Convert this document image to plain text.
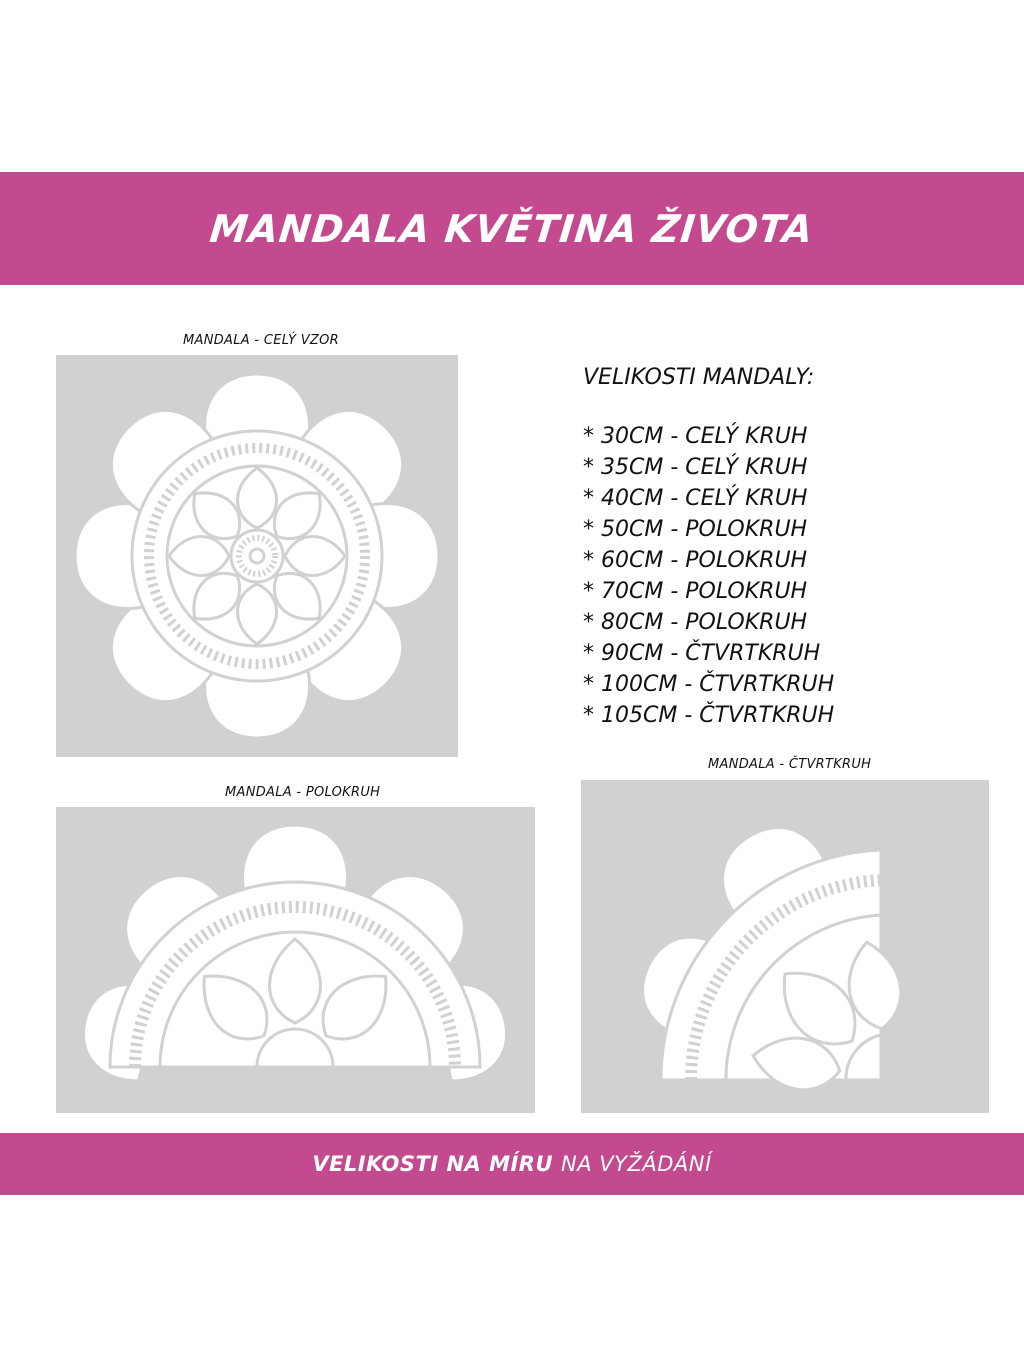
MANDALA KVĚTINA ŽIVOTA
MANDALA - CELÝ VZOR
VELIKOSTI MANDALY:
* 30CM - CELÝ KRUH
* 35CM - CELÝ KRUH
* 40CM - CELÝ KRUH
* 50CM - POLOKRUH
* 60CM - POLOKRUH
* 70CM - POLOKRUH
* 80CM - POLOKRUH
* 90CM - ČTVRTKRUH
* 100CM - ČTVRTKRUH
* 105CM - ČTVRTKRUH
MANDALA - POLOKRUH
MANDALA - ČTVRTKRUH
VELIKOSTI NA MÍRU NA VYŽÁDÁNÍ
